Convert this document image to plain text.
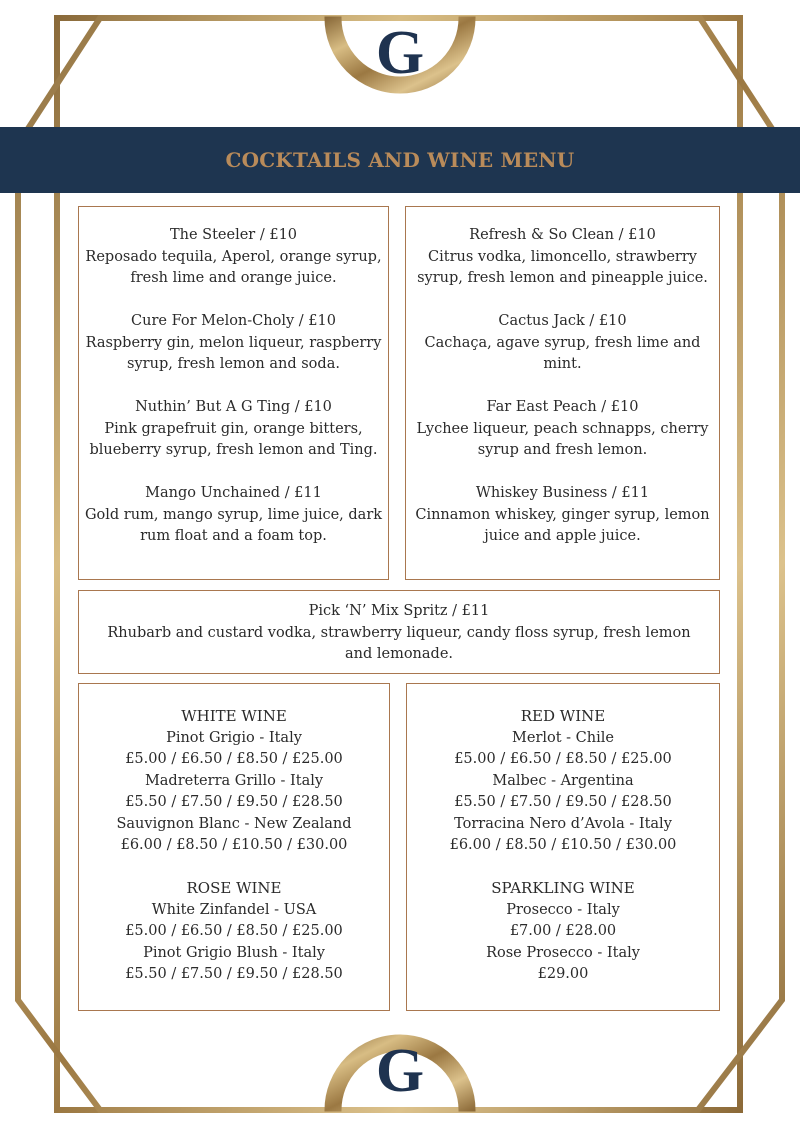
G
COCKTAILS AND WINE MENU
The Steeler / £10
Reposado tequila, Aperol, orange syrup, fresh lime and orange juice.
Cure For Melon-Choly / £10
Raspberry gin, melon liqueur, raspberry syrup, fresh lemon and soda.
Nuthin’ But A G Ting / £10
Pink grapefruit gin, orange bitters, blueberry syrup, fresh lemon and Ting.
Mango Unchained / £11
Gold rum, mango syrup, lime juice, dark rum float and a foam top.
Refresh & So Clean / £10
Citrus vodka, limoncello, strawberry syrup, fresh lemon and pineapple juice.
Cactus Jack / £10
Cachaça, agave syrup, fresh lime and mint.
Far East Peach / £10
Lychee liqueur, peach schnapps, cherry syrup and fresh lemon.
Whiskey Business / £11
Cinnamon whiskey, ginger syrup, lemon juice and apple juice.
Pick ‘N’ Mix Spritz / £11
Rhubarb and custard vodka, strawberry liqueur, candy floss syrup, fresh lemon and lemonade.
WHITE WINE
Pinot Grigio - Italy
£5.00 / £6.50 / £8.50 / £25.00
Madreterra Grillo - Italy
£5.50 / £7.50 / £9.50 / £28.50
Sauvignon Blanc - New Zealand
£6.00 / £8.50 / £10.50 / £30.00
ROSE WINE
White Zinfandel - USA
£5.00 / £6.50 / £8.50 / £25.00
Pinot Grigio Blush - Italy
£5.50 / £7.50 / £9.50 / £28.50
RED WINE
Merlot - Chile
£5.00 / £6.50 / £8.50 / £25.00
Malbec - Argentina
£5.50 / £7.50 / £9.50 / £28.50
Torracina Nero d’Avola - Italy
£6.00 / £8.50 / £10.50 / £30.00
SPARKLING WINE
Prosecco - Italy
£7.00 / £28.00
Rose Prosecco - Italy
£29.00
G
